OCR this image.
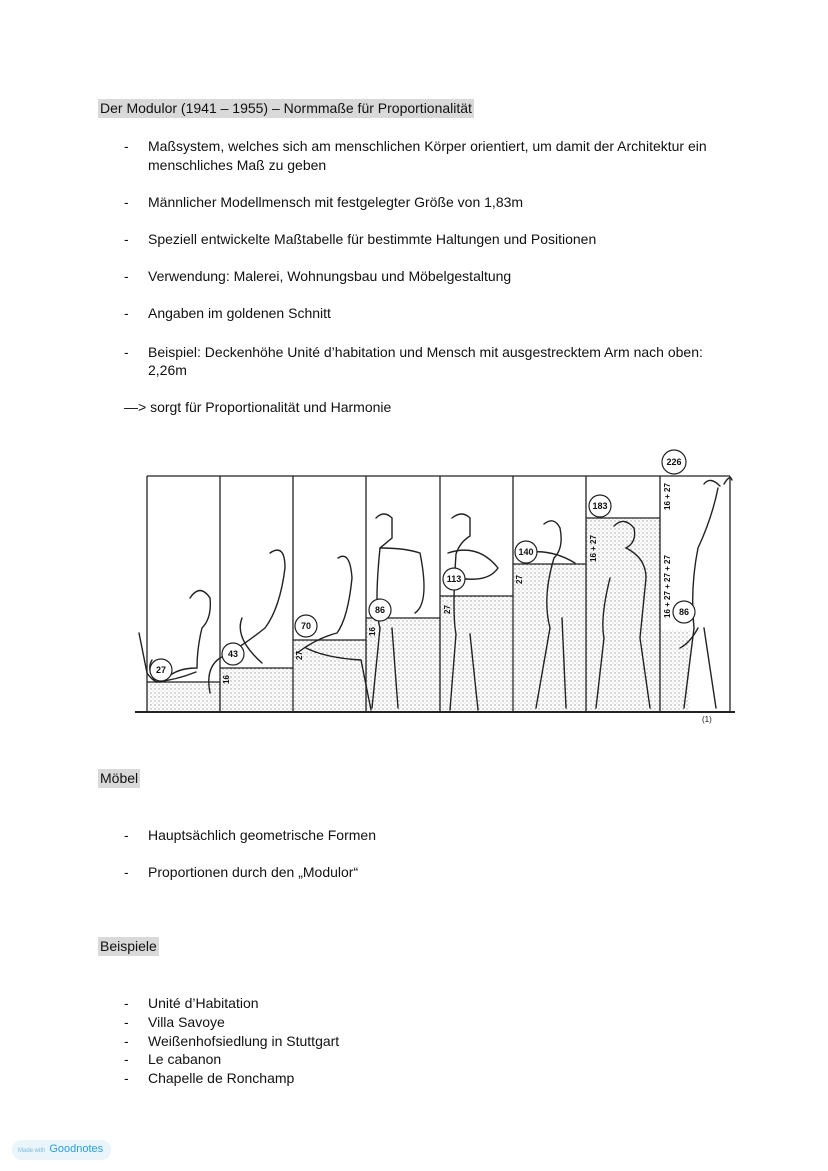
Der Modulor (1941 – 1955) – Normmaße für Proportionalität
- Maßsystem, welches sich am menschlichen Körper orientiert, um damit der Architektur ein
menschliches Maß zu geben
- Männlicher Modellmensch mit festgelegter Größe von 1,83m
- Speziell entwickelte Maßtabelle für bestimmte Haltungen und Positionen
- Verwendung: Malerei, Wohnungsbau und Möbelgestaltung
- Angaben im goldenen Schnitt
- Beispiel: Deckenhöhe Unité d’habitation und Mensch mit ausgestrecktem Arm nach oben:
2,26m
—> sorgt für Proportionalität und Harmonie
27
43
70
86
113
140
183
226
86
16
27
16
27
27
16 + 27
16 + 27
16 + 27 + 27 + 27
(1)
Möbel
- Hauptsächlich geometrische Formen
- Proportionen durch den „Modulor“
Beispiele
- Unité d’Habitation
- Villa Savoye
- Weißenhofsiedlung in Stuttgart
- Le cabanon
- Chapelle de Ronchamp
Made with Goodnotes
